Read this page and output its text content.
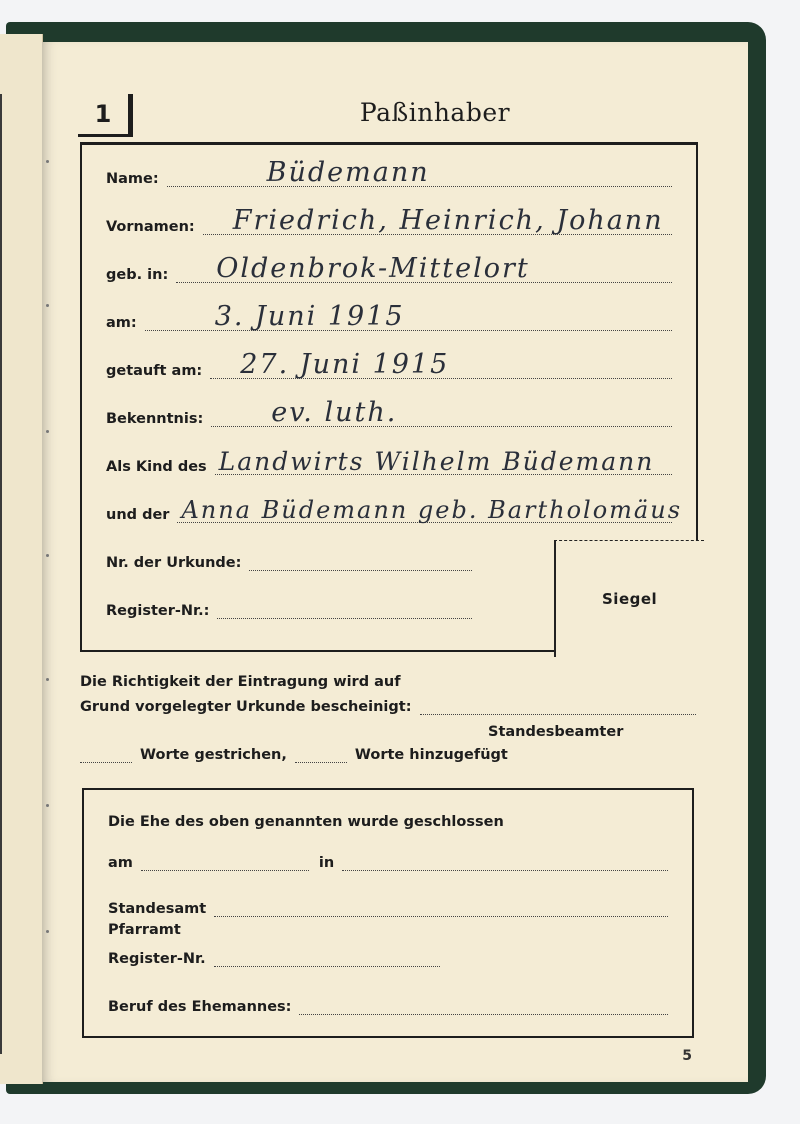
1	Paßinhaber
Name:	Büdemann
Vornamen: Friedrich, Heinrich, Johann
geb. in: Oldenbrok-Mittelort
am:	3. Juni 1915
getauft am: 27. Juni 1915
Bekenntnis:	ev. luth.
Als Kind des Landwirts Wilhelm Büdemann
und der Anna Büdemann geb. Bartholomäus
Siegel
Nr. der Urkunde:
Register-Nr.:
Die Richtigkeit der Eintragung wird auf
Grund vorgelegter Urkunde bescheinigt:
Standesbeamter
Worte gestrichen,	Worte hinzugefügt
Die Ehe des oben genannten wurde geschlossen
am	in
Standesamt
Pfarramt
Register-Nr.
Beruf des Ehemannes:
5
